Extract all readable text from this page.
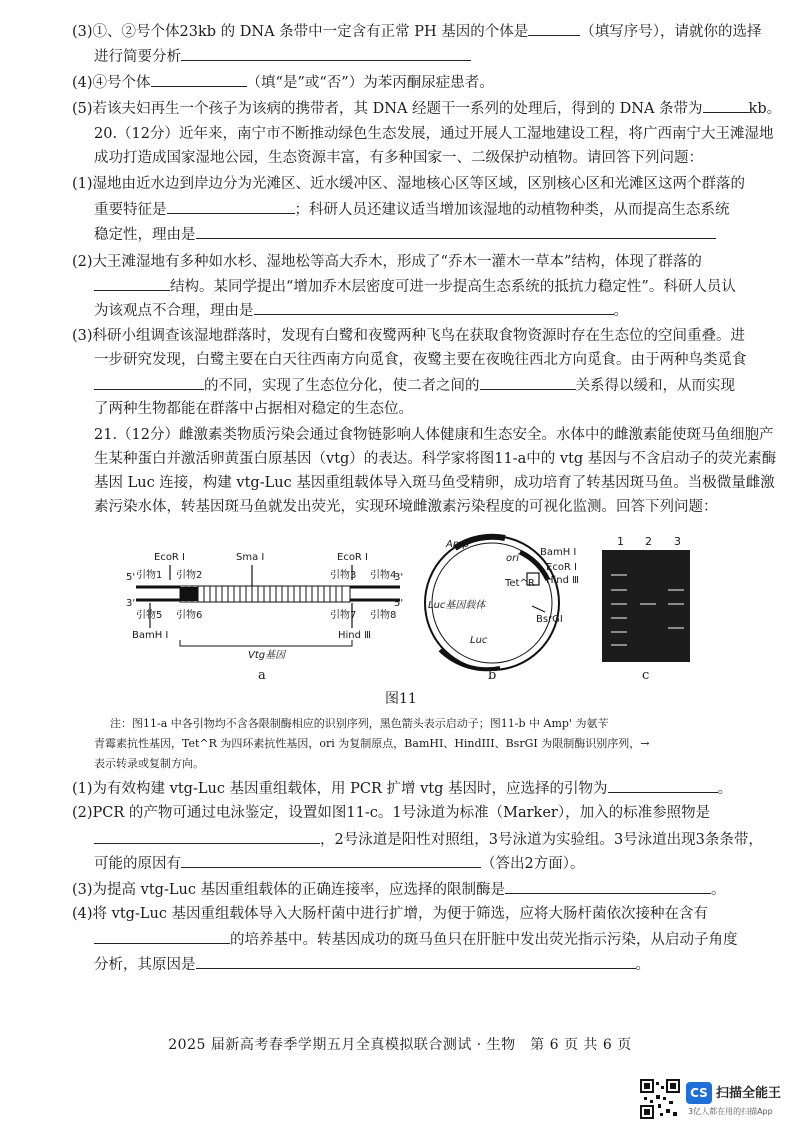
(3)①、②号个体23kb 的 DNA 条带中一定含有正常 PH 基因的个体是	（填写序号），请就你的选择
进行简要分析
(4)④号个体	（填“是”或“否”）为苯丙酮尿症患者。
(5)若该夫妇再生一个孩子为该病的携带者，其 DNA 经题干一系列的处理后，得到的 DNA 条带为	kb。
20.（12分）近年来，南宁市不断推动绿色生态发展，通过开展人工湿地建设工程，将广西南宁大王滩湿地
成功打造成国家湿地公园，生态资源丰富，有多种国家一、二级保护动植物。请回答下列问题：
(1)湿地由近水边到岸边分为光滩区、近水缓冲区、湿地核心区等区域，区别核心区和光滩区这两个群落的
重要特征是	；科研人员还建议适当增加该湿地的动植物种类，从而提高生态系统
稳定性，理由是
(2)大王滩湿地有多种如水杉、湿地松等高大乔木，形成了“乔木一灌木一草本”结构，体现了群落的
结构。某同学提出“增加乔木层密度可进一步提高生态系统的抵抗力稳定性”。科研人员认
为该观点不合理，理由是	。
(3)科研小组调查该湿地群落时，发现有白鹭和夜鹭两种飞鸟在获取食物资源时存在生态位的空间重叠。进
一步研究发现，白鹭主要在白天往西南方向觅食，夜鹭主要在夜晚往西北方向觅食。由于两种鸟类觅食
的不同，实现了生态位分化，使二者之间的	关系得以缓和，从而实现
了两种生物都能在群落中占据相对稳定的生态位。
21.（12分）雌激素类物质污染会通过食物链影响人体健康和生态安全。水体中的雌激素能使斑马鱼细胞产
生某种蛋白并激活卵黄蛋白原基因（vtg）的表达。科学家将图11-a中的 vtg 基因与不含启动子的荧光素酶
基因 Luc 连接，构建 vtg-Luc 基因重组载体导入斑马鱼受精卵，成功培育了转基因斑马鱼。当极微量雌激
素污染水体，转基因斑马鱼就发出荧光，实现环境雌激素污染程度的可视化监测。回答下列问题：
EcoR I	Sma I	EcoR I
5'	3'
引物1 引物2	引物3 引物4
3'	5'
引物5 引物6	引物7 引物8
BamH I	Hind Ⅲ
Vtg基因
a
Amp'
ori
BamH I
EcoR I
Hind Ⅲ
Tet^R
Luc基因载体
Luc
BsrGI
b
1 2 3
c
图11
注：图11-a 中各引物均不含各限制酶相应的识别序列，黑色箭头表示启动子；图11-b 中 Amp' 为氨苄
青霉素抗性基因，Tet^R 为四环素抗性基因，ori 为复制原点，BamHI、HindIII、BsrGI 为限制酶识别序列，→
表示转录或复制方向。
(1)为有效构建 vtg-Luc 基因重组载体，用 PCR 扩增 vtg 基因时，应选择的引物为	。
(2)PCR 的产物可通过电泳鉴定，设置如图11-c。1号泳道为标准（Marker），加入的标准参照物是
，2号泳道是阳性对照组，3号泳道为实验组。3号泳道出现3条条带，
可能的原因有	（答出2方面）。
(3)为提高 vtg-Luc 基因重组载体的正确连接率，应选择的限制酶是	。
(4)将 vtg-Luc 基因重组载体导入大肠杆菌中进行扩增，为便于筛选，应将大肠杆菌依次接种在含有
的培养基中。转基因成功的斑马鱼只在肝脏中发出荧光指示污染，从启动子角度
分析，其原因是	。
2025 届新高考春季学期五月全真模拟联合测试 · 生物　第 6 页 共 6 页
CS 扫描全能王
3亿人都在用的扫描App
